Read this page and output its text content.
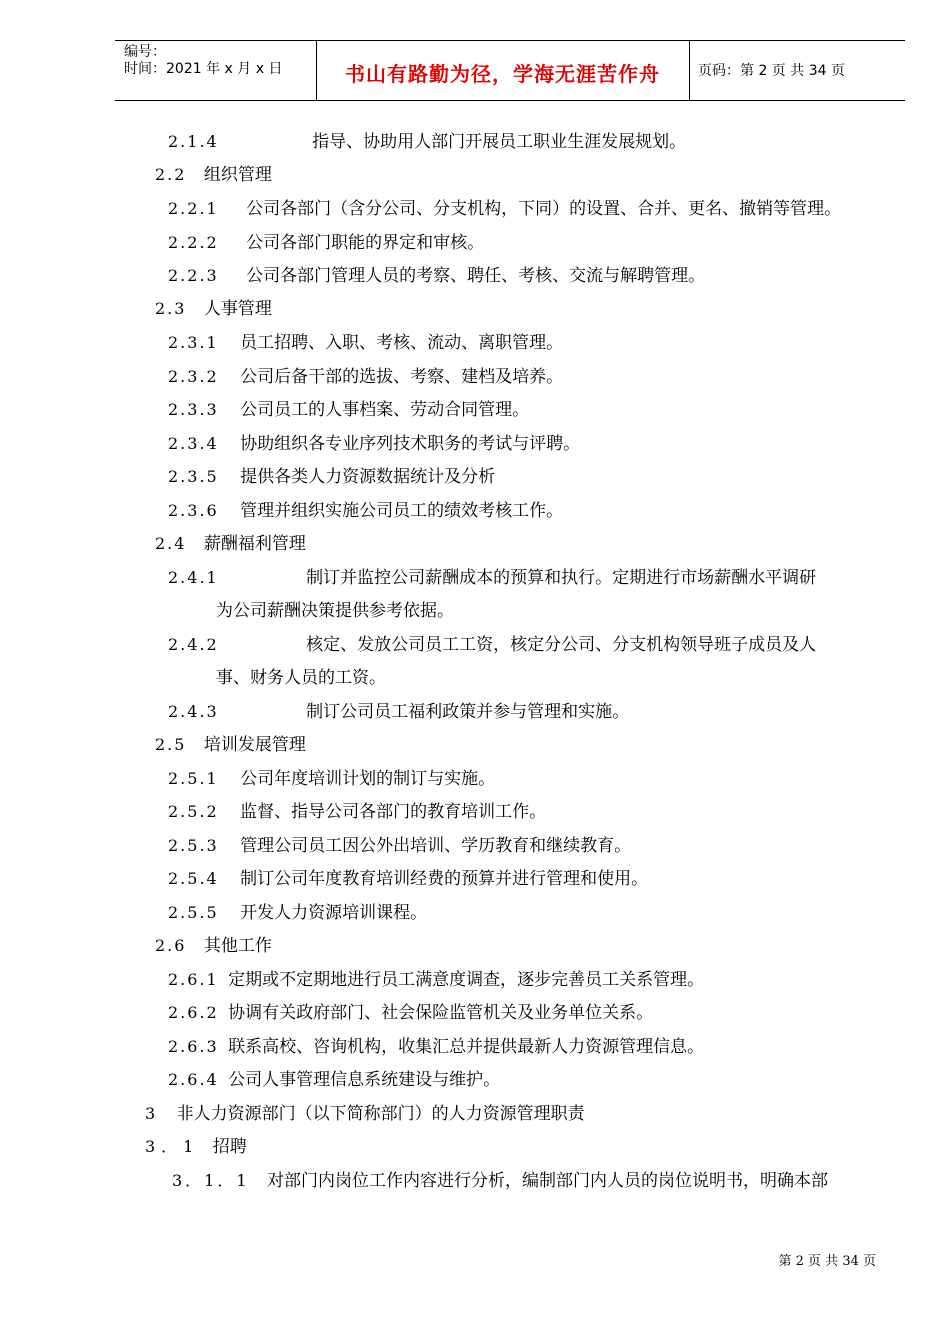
编号：
时间：2021 年 x 月 x 日	书山有路勤为径，学海无涯苦作舟	页码：第 2 页 共 34 页
2.1.4	指导、协助用人部门开展员工职业生涯发展规划。
2.2 组织管理
2.2.1 公司各部门（含分公司、分支机构，下同）的设置、合并、更名、撤销等管理。
2.2.2 公司各部门职能的界定和审核。
2.2.3 公司各部门管理人员的考察、聘任、考核、交流与解聘管理。
2.3 人事管理
2.3.1 员工招聘、入职、考核、流动、离职管理。
2.3.2 公司后备干部的选拔、考察、建档及培养。
2.3.3 公司员工的人事档案、劳动合同管理。
2.3.4 协助组织各专业序列技术职务的考试与评聘。
2.3.5 提供各类人力资源数据统计及分析
2.3.6 管理并组织实施公司员工的绩效考核工作。
2.4 薪酬福利管理
2.4.1	制订并监控公司薪酬成本的预算和执行。定期进行市场薪酬水平调研
为公司薪酬决策提供参考依据。
2.4.2	核定、发放公司员工工资，核定分公司、分支机构领导班子成员及人
事、财务人员的工资。
2.4.3	制订公司员工福利政策并参与管理和实施。
2.5 培训发展管理
2.5.1 公司年度培训计划的制订与实施。
2.5.2 监督、指导公司各部门的教育培训工作。
2.5.3 管理公司员工因公外出培训、学历教育和继续教育。
2.5.4 制订公司年度教育培训经费的预算并进行管理和使用。
2.5.5 开发人力资源培训课程。
2.6 其他工作
2.6.1 定期或不定期地进行员工满意度调查，逐步完善员工关系管理。
2.6.2 协调有关政府部门、社会保险监管机关及业务单位关系。
2.6.3 联系高校、咨询机构，收集汇总并提供最新人力资源管理信息。
2.6.4 公司人事管理信息系统建设与维护。
3 非人力资源部门（以下简称部门）的人力资源管理职责
3．1 招聘
3．1．1 对部门内岗位工作内容进行分析，编制部门内人员的岗位说明书，明确本部
第 2 页 共 34 页
